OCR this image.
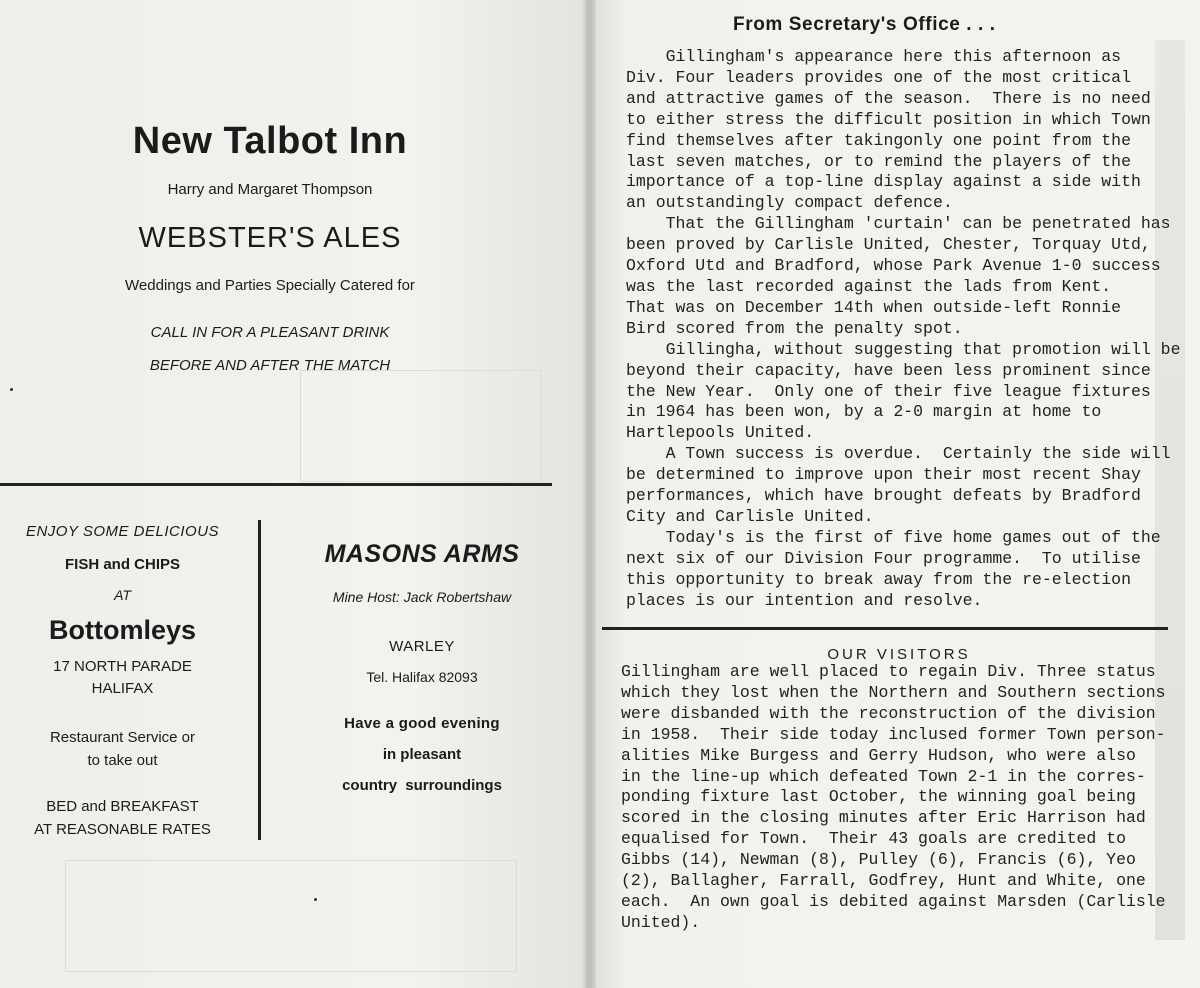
New Talbot Inn
Harry and Margaret Thompson
WEBSTER'S ALES
Weddings and Parties Specially Catered for
CALL IN FOR A PLEASANT DRINK
BEFORE AND AFTER THE MATCH
ENJOY SOME DELICIOUS
FISH and CHIPS
AT
Bottomleys
17 NORTH PARADE
HALIFAX
Restaurant Service or
to take out
BED and BREAKFAST
AT REASONABLE RATES
MASONS ARMS
Mine Host: Jack Robertshaw
WARLEY
Tel. Halifax 82093
Have a good evening
in pleasant
country surroundings
From Secretary's Office . . .
Gillingham's appearance here this afternoon as
Div. Four leaders provides one of the most critical
and attractive games of the season.  There is no need
to either stress the difficult position in which Town
find themselves after takingonly one point from the
last seven matches, or to remind the players of the
importance of a top-line display against a side with
an outstandingly compact defence.
That the Gillingham 'curtain' can be penetrated has
been proved by Carlisle United, Chester, Torquay Utd,
Oxford Utd and Bradford, whose Park Avenue 1-0 success
was the last recorded against the lads from Kent.
That was on December 14th when outside-left Ronnie
Bird scored from the penalty spot.
Gillingha, without suggesting that promotion will be
beyond their capacity, have been less prominent since
the New Year.  Only one of their five league fixtures
in 1964 has been won, by a 2-0 margin at home to
Hartlepools United.
A Town success is overdue.  Certainly the side will
be determined to improve upon their most recent Shay
performances, which have brought defeats by Bradford
City and Carlisle United.
Today's is the first of five home games out of the
next six of our Division Four programme.  To utilise
this opportunity to break away from the re-election
places is our intention and resolve.
OUR VISITORS
Gillingham are well placed to regain Div. Three status
which they lost when the Northern and Southern sections
were disbanded with the reconstruction of the division
in 1958.  Their side today inclused former Town person-
alities Mike Burgess and Gerry Hudson, who were also
in the line-up which defeated Town 2-1 in the corres-
ponding fixture last October, the winning goal being
scored in the closing minutes after Eric Harrison had
equalised for Town.  Their 43 goals are credited to
Gibbs (14), Newman (8), Pulley (6), Francis (6), Yeo
(2), Ballagher, Farrall, Godfrey, Hunt and White, one
each.  An own goal is debited against Marsden (Carlisle
United).
